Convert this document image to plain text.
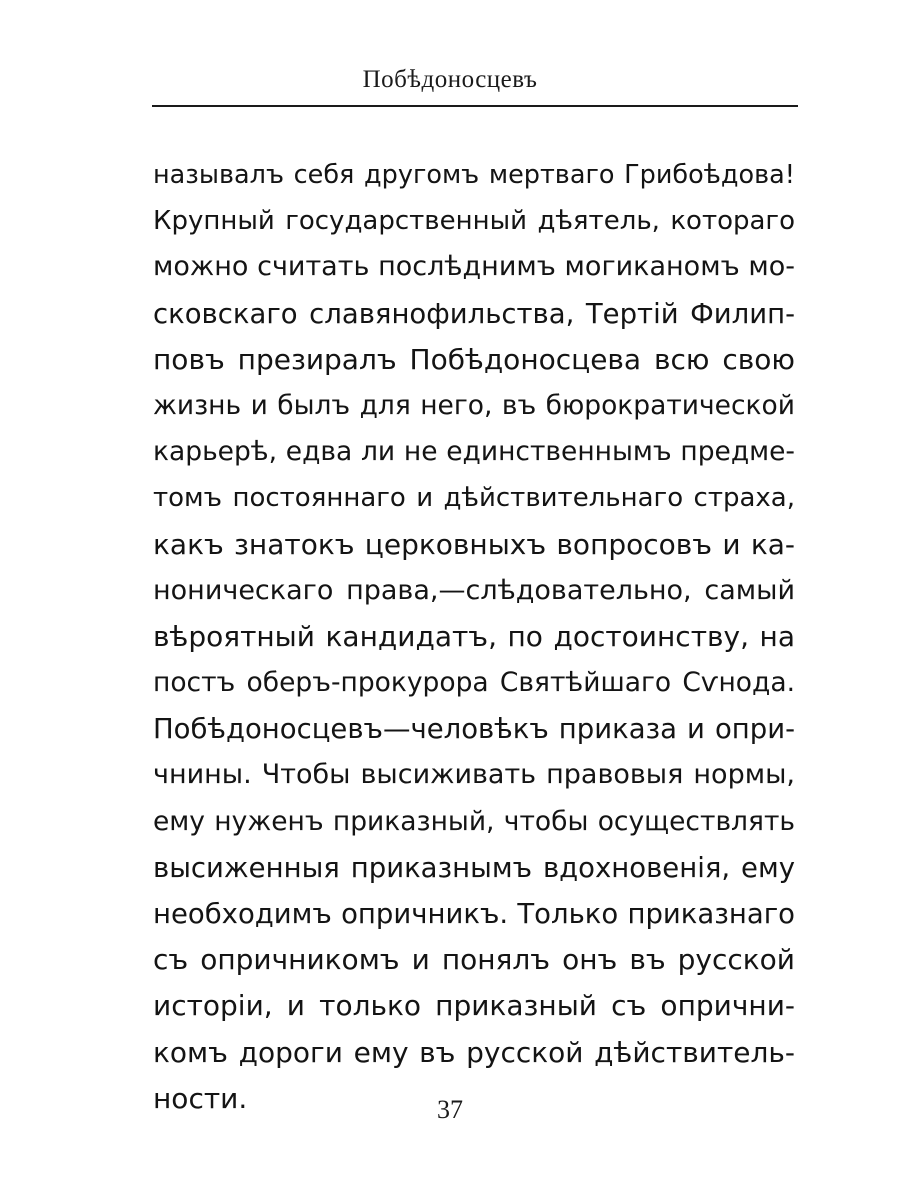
Побѣдоносцевъ
называлъ себя другомъ мертваго Грибоѣдова!
Крупный государственный дѣятель, котораго
можно считать послѣднимъ могиканомъ мо-
сковскаго славянофильства, Тертій Филип-
повъ презиралъ Побѣдоносцева всю свою
жизнь и былъ для него, въ бюрократической
карьерѣ, едва ли не единственнымъ предме-
томъ постояннаго и дѣйствительнаго страха,
какъ знатокъ церковныхъ вопросовъ и ка-
ноническаго права,—слѣдовательно, самый
вѣроятный кандидатъ, по достоинству, на
постъ оберъ-прокурора Святѣйшаго Сѵнода.
Побѣдоносцевъ—человѣкъ приказа и опри-
чнины. Чтобы высиживать правовыя нормы,
ему нуженъ приказный, чтобы осуществлять
высиженныя приказнымъ вдохновенія, ему
необходимъ опричникъ. Только приказнаго
съ опричникомъ и понялъ онъ въ русской
исторіи, и только приказный съ опрични-
комъ дороги ему въ русской дѣйствитель-
ности.	37
